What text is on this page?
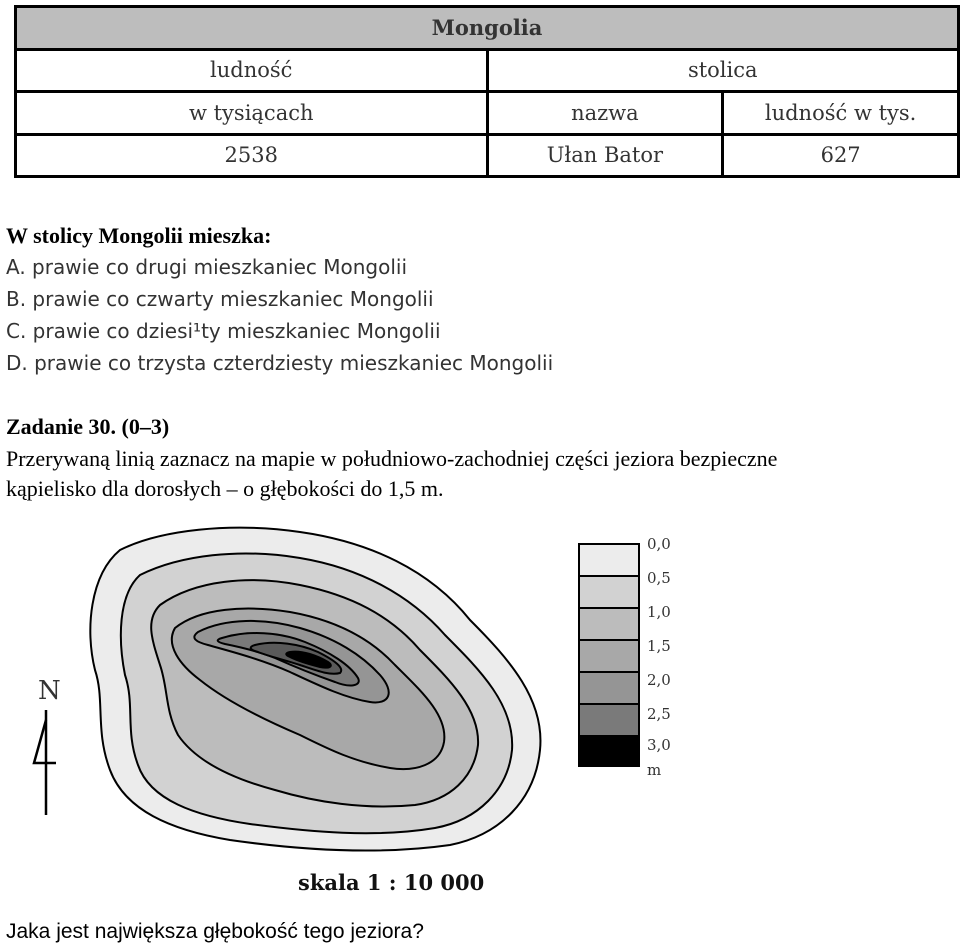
Mongolia		
ludność	stolica	
w tysiącach	nazwa	ludność w tys.
2538	Ułan Bator	627
W stolicy Mongolii mieszka:
A. prawie co drugi mieszkaniec Mongolii
B. prawie co czwarty mieszkaniec Mongolii
C. prawie co dziesi¹ty mieszkaniec Mongolii
D. prawie co trzysta czterdziesty mieszkaniec Mongolii
Zadanie 30. (0–3)
Przerywaną linią zaznacz na mapie w południowo-zachodniej części jeziora bezpieczne
kąpielisko dla dorosłych – o głębokości do 1,5 m.
N
0,0
0,5
1,0
1,5
2,0
2,5
3,0
m
skala 1 : 10 000
Jaka jest największa głębokość tego jeziora?
